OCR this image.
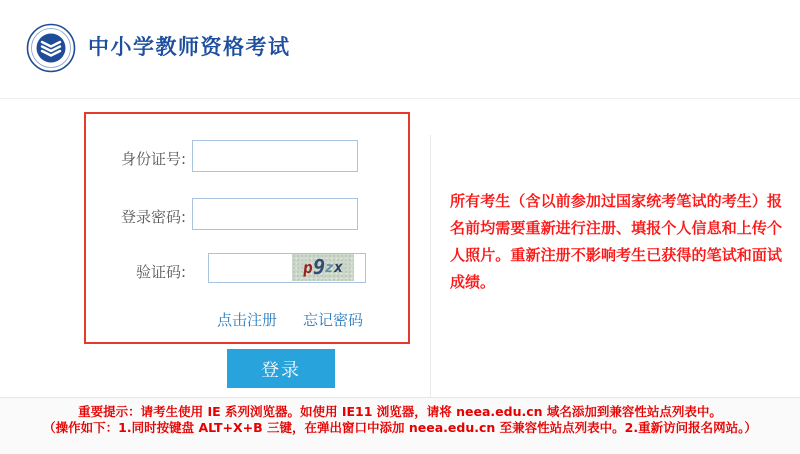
中小学教师资格考试
身份证号:
登录密码:
验证码:	p 9 z x
点击注册 忘记密码
登录
所有考生（含以前参加过国家统考笔试的考生）报名前均需要重新进行注册、填报个人信息和上传个人照片。重新注册不影响考生已获得的笔试和面试成绩。

重要提示：请考生使用 IE 系列浏览器。如使用 IE11 浏览器，请将 neea.edu.cn 域名添加到兼容性站点列表中。

（操作如下：1.同时按键盘 ALT+X+B 三键，在弹出窗口中添加 neea.edu.cn 至兼容性站点列表中。2.重新访问报名网站。）
